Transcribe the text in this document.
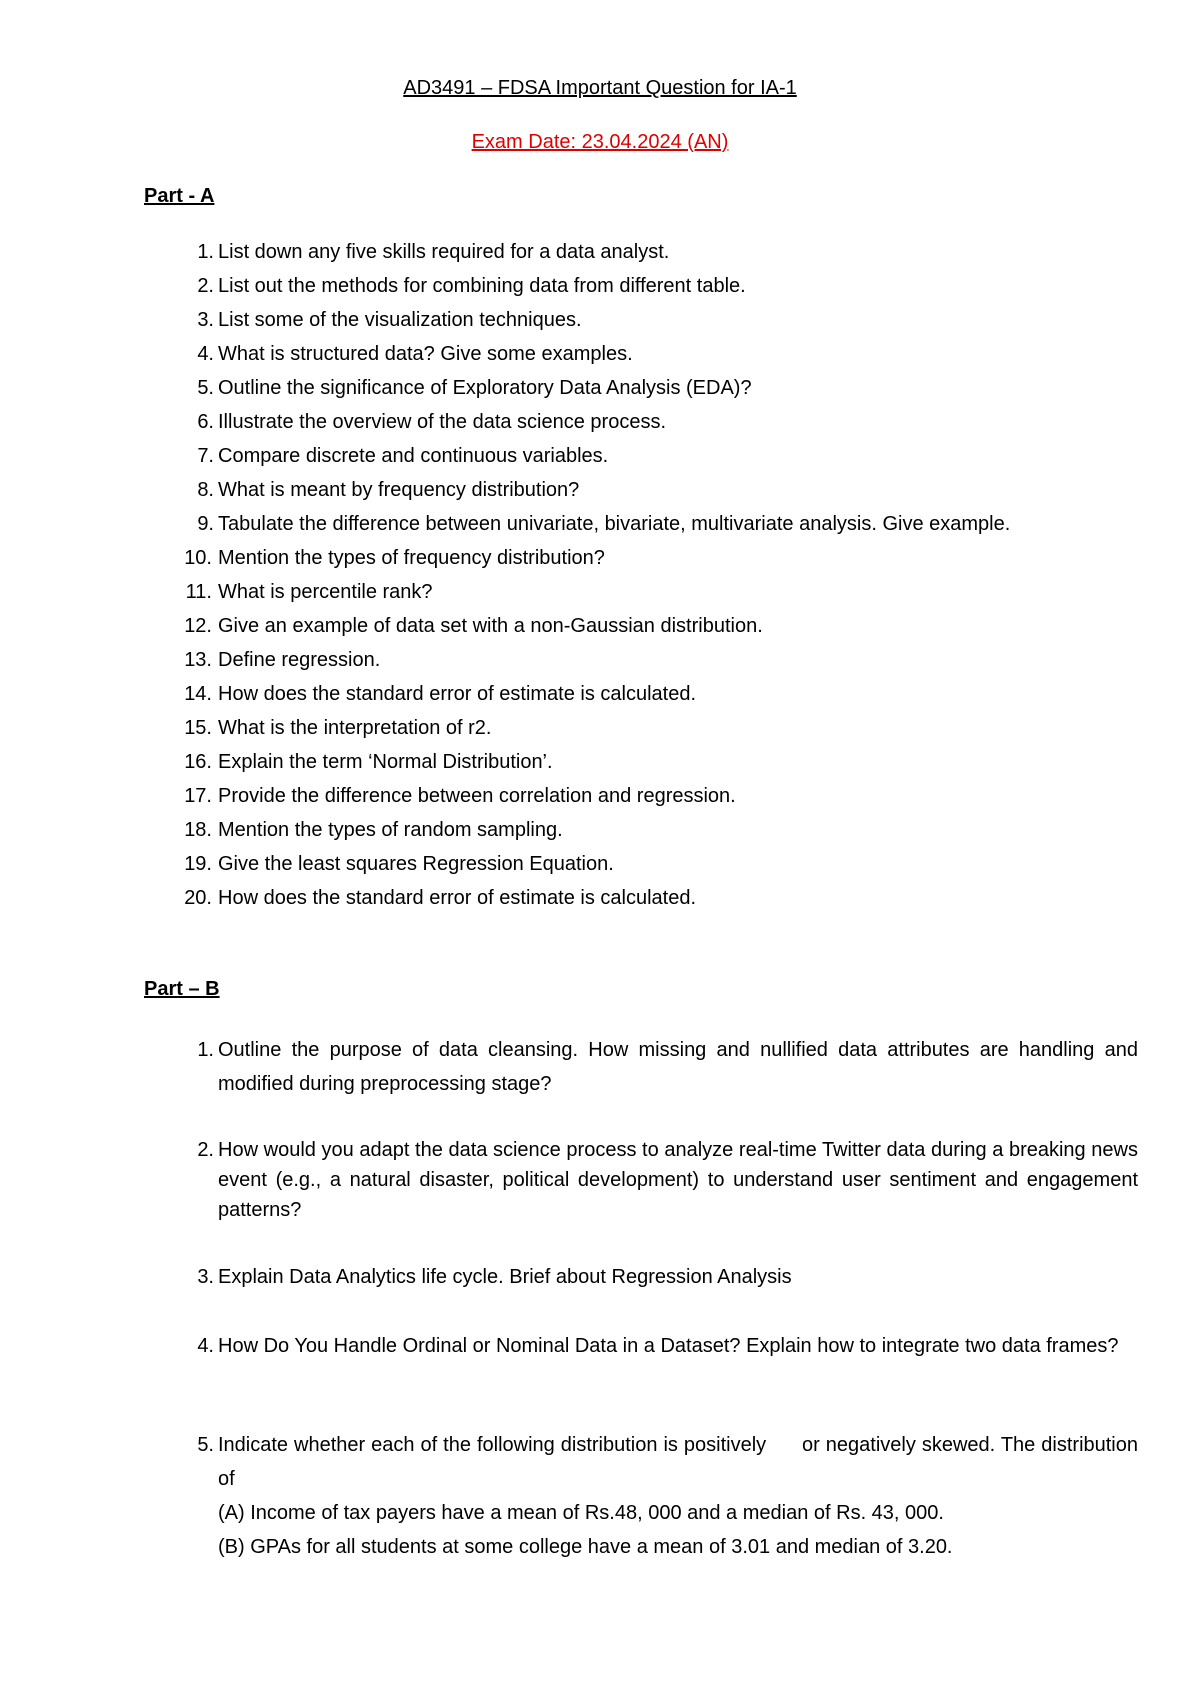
AD3491 – FDSA Important Question for IA-1
Exam Date: 23.04.2024 (AN)
Part - A
1. List down any five skills required for a data analyst.
2. List out the methods for combining data from different table.
3. List some of the visualization techniques.
4. What is structured data? Give some examples.
5. Outline the significance of Exploratory Data Analysis (EDA)?
6. Illustrate the overview of the data science process.
7. Compare discrete and continuous variables.
8. What is meant by frequency distribution?
9. Tabulate the difference between univariate, bivariate, multivariate analysis. Give example.
10. Mention the types of frequency distribution?
11. What is percentile rank?
12. Give an example of data set with a non-Gaussian distribution.
13. Define regression.
14. How does the standard error of estimate is calculated.
15. What is the interpretation of r2.
16. Explain the term ‘Normal Distribution’.
17. Provide the difference between correlation and regression.
18. Mention the types of random sampling.
19. Give the least squares Regression Equation.
20. How does the standard error of estimate is calculated.
Part – B
1. Outline the purpose of data cleansing. How missing and nullified data attributes are handling and modified during preprocessing stage?
2. How would you adapt the data science process to analyze real-time Twitter data during a breaking news event (e.g., a natural disaster, political development) to understand user sentiment and engagement patterns?
3. Explain Data Analytics life cycle. Brief about Regression Analysis
4. How Do You Handle Ordinal or Nominal Data in a Dataset? Explain how to integrate two data frames?
5. Indicate whether each of the following distribution is positively      or negatively skewed. The distribution of
(A) Income of tax payers have a mean of Rs.48, 000 and a median of Rs. 43, 000.
(B) GPAs for all students at some college have a mean of 3.01 and median of 3.20.
